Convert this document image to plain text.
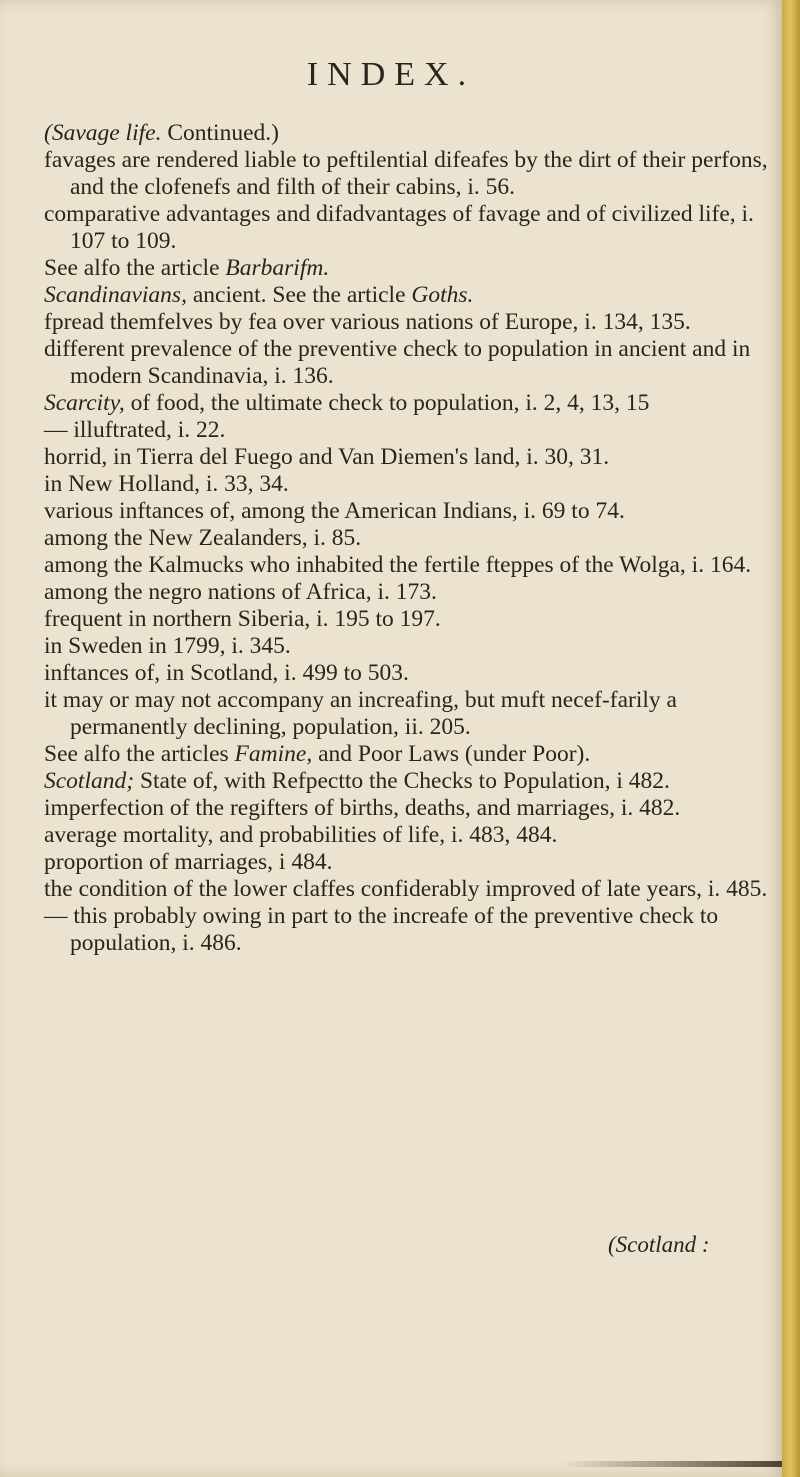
INDEX.

(Savage life. Continued.)

favages are rendered liable to peftilential difeafes by the dirt of their perfons, and the clofenefs and filth of their cabins, i. 56.

comparative advantages and difadvantages of favage and of civilized life, i. 107 to 109.

See alfo the article Barbarifm.

Scandinavians, ancient. See the article Goths.

fpread themfelves by fea over various nations of Europe, i. 134, 135.

different prevalence of the preventive check to population in ancient and in modern Scandinavia, i. 136.

Scarcity, of food, the ultimate check to population, i. 2, 4, 13, 15

— illuftrated, i. 22.

horrid, in Tierra del Fuego and Van Diemen's land, i. 30, 31.

in New Holland, i. 33, 34.

various inftances of, among the American Indians, i. 69 to 74.

among the New Zealanders, i. 85.

among the Kalmucks who inhabited the fertile fteppes of the Wolga, i. 164.

among the negro nations of Africa, i. 173.

frequent in northern Siberia, i. 195 to 197.

in Sweden in 1799, i. 345.

inftances of, in Scotland, i. 499 to 503.

it may or may not accompany an increafing, but muft necef-farily a permanently declining, population, ii. 205.

See alfo the articles Famine, and Poor Laws (under Poor).

Scotland; State of, with Refpectto the Checks to Population, i 482.

imperfection of the regifters of births, deaths, and marriages, i. 482.

average mortality, and probabilities of life, i. 483, 484.

proportion of marriages, i 484.

the condition of the lower claffes confiderably improved of late years, i. 485.

— this probably owing in part to the increafe of the preventive check to population, i. 486.

(Scotland :
